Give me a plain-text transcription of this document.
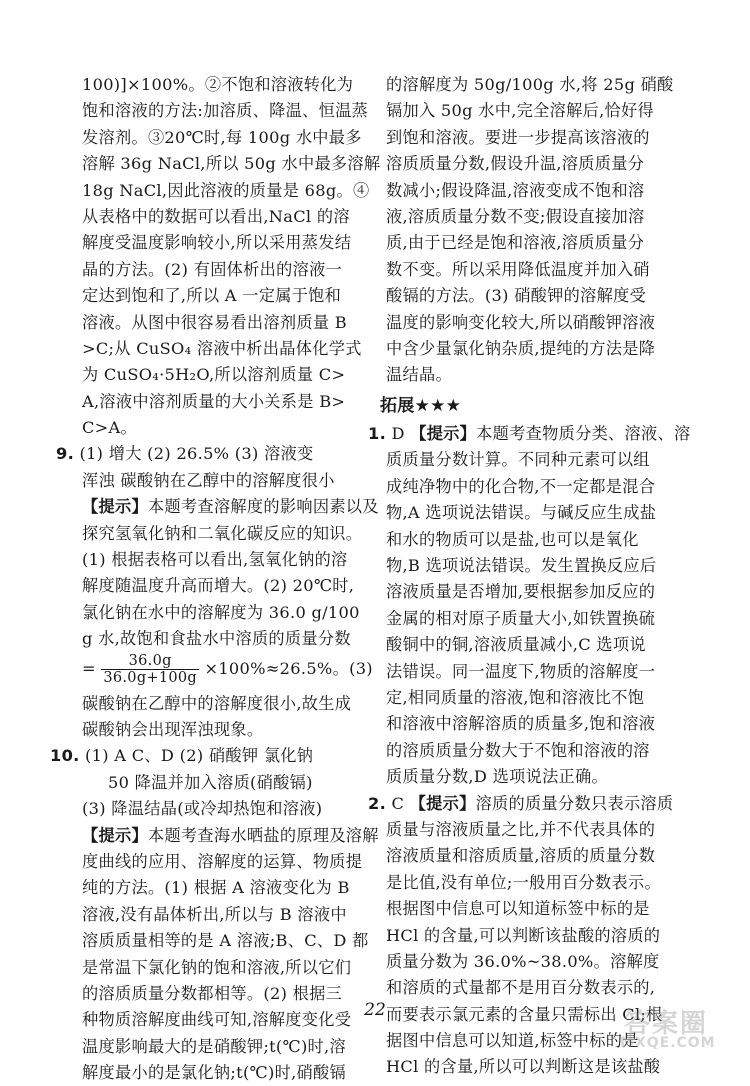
100)]×100%。②不饱和溶液转化为
饱和溶液的方法:加溶质、降温、恒温蒸
发溶剂。③20℃时,每 100g 水中最多
溶解 36g NaCl,所以 50g 水中最多溶解
18g NaCl,因此溶液的质量是 68g。④
从表格中的数据可以看出,NaCl 的溶
解度受温度影响较小,所以采用蒸发结
晶的方法。(2) 有固体析出的溶液一
定达到饱和了,所以 A 一定属于饱和
溶液。从图中很容易看出溶剂质量 B
>C;从 CuSO₄ 溶液中析出晶体化学式
为 CuSO₄·5H₂O,所以溶剂质量 C>
A,溶液中溶剂质量的大小关系是 B>
C>A。
9. (1) 增大 (2) 26.5% (3) 溶液变
浑浊 碳酸钠在乙醇中的溶解度很小
【提示】本题考查溶解度的影响因素以及
探究氢氧化钠和二氧化碳反应的知识。
(1) 根据表格可以看出,氢氧化钠的溶
解度随温度升高而增大。(2) 20℃时,
氯化钠在水中的溶解度为 36.0 g/100
g 水,故饱和食盐水中溶质的质量分数
= $\frac{36.0g}{36.0g+100g} \times 100\%\approx 26.5\%$。(3)
碳酸钠在乙醇中的溶解度很小,故生成
碳酸钠会出现浑浊现象。
10. (1) A C、D (2) 硝酸钾 氯化钠
50 降温并加入溶质(硝酸镉)
(3) 降温结晶(或冷却热饱和溶液)
【提示】本题考查海水晒盐的原理及溶解
度曲线的应用、溶解度的运算、物质提
纯的方法。(1) 根据 A 溶液变化为 B
溶液,没有晶体析出,所以与 B 溶液中
溶质质量相等的是 A 溶液;B、C、D 都
是常温下氯化钠的饱和溶液,所以它们
的溶质质量分数都相等。(2) 根据三
种物质溶解度曲线可知,溶解度变化受
温度影响最大的是硝酸钾;t(℃)时,溶
解度最小的是氯化钠;t(℃)时,硝酸镉
的溶解度为 50g/100g 水,将 25g 硝酸
镉加入 50g 水中,完全溶解后,恰好得
到饱和溶液。要进一步提高该溶液的
溶质质量分数,假设升温,溶质质量分
数减小;假设降温,溶液变成不饱和溶
液,溶质质量分数不变;假设直接加溶
质,由于已经是饱和溶液,溶质质量分
数不变。所以采用降低温度并加入硝
酸镉的方法。(3) 硝酸钾的溶解度受
温度的影响变化较大,所以硝酸钾溶液
中含少量氯化钠杂质,提纯的方法是降
温结晶。
拓展★★★
1. D 【提示】本题考查物质分类、溶液、溶
质质量分数计算。不同种元素可以组
成纯净物中的化合物,不一定都是混合
物,A 选项说法错误。与碱反应生成盐
和水的物质可以是盐,也可以是氧化
物,B 选项说法错误。发生置换反应后
溶液质量是否增加,要根据参加反应的
金属的相对原子质量大小,如铁置换硫
酸铜中的铜,溶液质量减小,C 选项说
法错误。同一温度下,物质的溶解度一
定,相同质量的溶液,饱和溶液比不饱
和溶液中溶解溶质的质量多,饱和溶液
的溶质质量分数大于不饱和溶液的溶
质质量分数,D 选项说法正确。
2. C 【提示】溶质的质量分数只表示溶质
质量与溶液质量之比,并不代表具体的
溶液质量和溶质质量,溶质的质量分数
是比值,没有单位;一般用百分数表示。
根据图中信息可以知道标签中标的是
HCl 的含量,可以判断该盐酸的溶质的
质量分数为 36.0%~38.0%。溶解度
和溶质的式量都不是用百分数表示的,
而要表示氯元素的含量只需标出 Cl;根
据图中信息可以知道,标签中标的是
HCl 的含量,所以可以判断这是该盐酸
22	答案圈
MXQE.COM
